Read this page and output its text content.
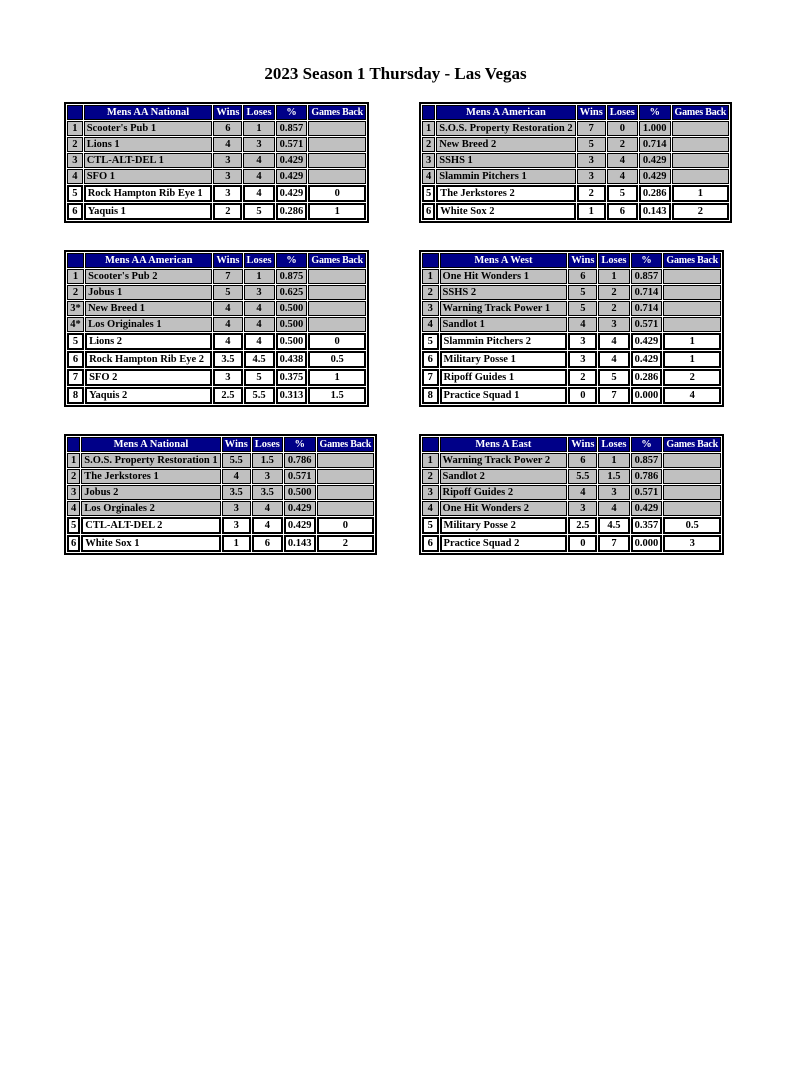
2023 Season 1 Thursday - Las Vegas
	Mens AA National	Wins	Loses	%	Games Back
1	Scooter's Pub 1	6	1	0.857	
2	Lions 1	4	3	0.571	
3	CTL-ALT-DEL 1	3	4	0.429	
4	SFO 1	3	4	0.429	
5	Rock Hampton Rib Eye 1	3	4	0.429	0
6	Yaquis 1	2	5	0.286	1
	Mens A American	Wins	Loses	%	Games Back
1	S.O.S. Property Restoration 2	7	0	1.000	
2	New Breed 2	5	2	0.714	
3	SSHS 1	3	4	0.429	
4	Slammin Pitchers 1	3	4	0.429	
5	The Jerkstores 2	2	5	0.286	1
6	White Sox 2	1	6	0.143	2
	Mens AA American	Wins	Loses	%	Games Back
1	Scooter's Pub 2	7	1	0.875	
2	Jobus 1	5	3	0.625	
3*	New Breed 1	4	4	0.500	
4*	Los Originales 1	4	4	0.500	
5	Lions 2	4	4	0.500	0
6	Rock Hampton Rib Eye 2	3.5	4.5	0.438	0.5
7	SFO 2	3	5	0.375	1
8	Yaquis 2	2.5	5.5	0.313	1.5
	Mens A West	Wins	Loses	%	Games Back
1	One Hit Wonders 1	6	1	0.857	
2	SSHS 2	5	2	0.714	
3	Warning Track Power 1	5	2	0.714	
4	Sandlot 1	4	3	0.571	
5	Slammin Pitchers 2	3	4	0.429	1
6	Military Posse 1	3	4	0.429	1
7	Ripoff Guides 1	2	5	0.286	2
8	Practice Squad 1	0	7	0.000	4
	Mens A National	Wins	Loses	%	Games Back
1	S.O.S. Property Restoration 1	5.5	1.5	0.786	
2	The Jerkstores 1	4	3	0.571	
3	Jobus 2	3.5	3.5	0.500	
4	Los Orginales 2	3	4	0.429	
5	CTL-ALT-DEL 2	3	4	0.429	0
6	White Sox 1	1	6	0.143	2
	Mens A East	Wins	Loses	%	Games Back
1	Warning Track Power 2	6	1	0.857	
2	Sandlot 2	5.5	1.5	0.786	
3	Ripoff Guides 2	4	3	0.571	
4	One Hit Wonders 2	3	4	0.429	
5	Military Posse 2	2.5	4.5	0.357	0.5
6	Practice Squad 2	0	7	0.000	3
